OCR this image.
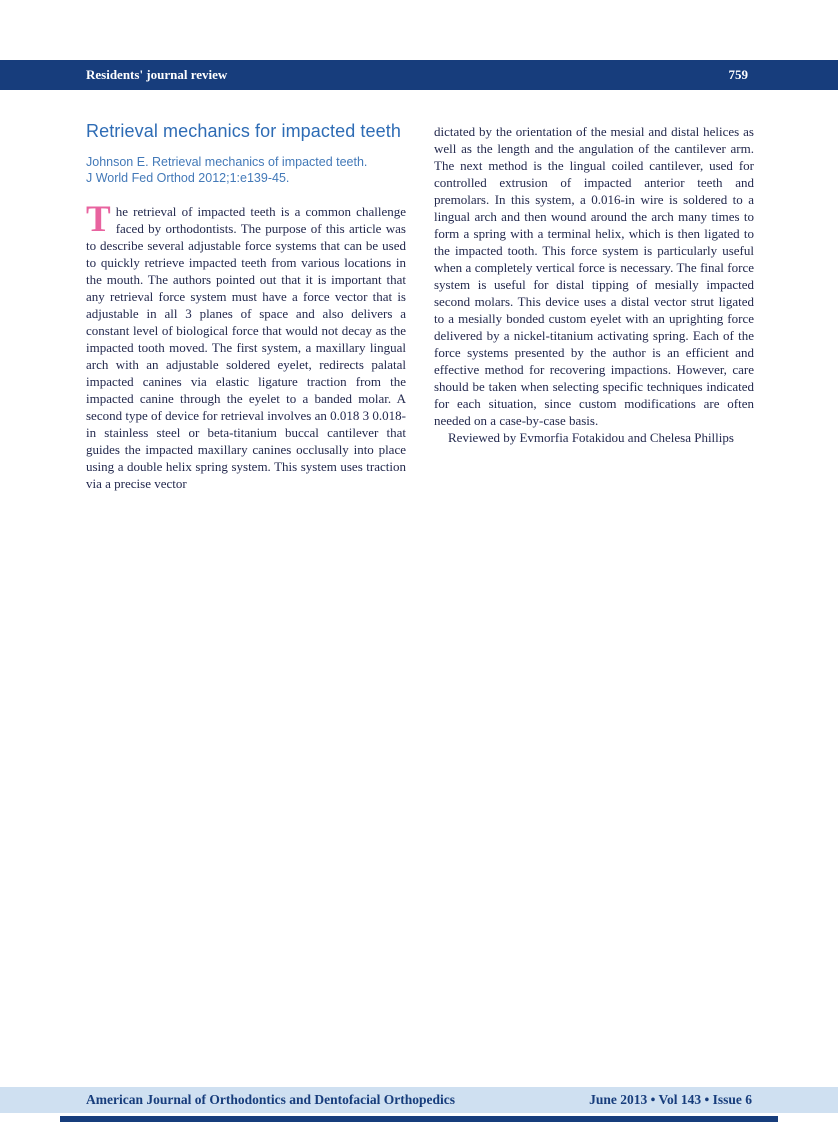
Residents' journal review	759
Retrieval mechanics for impacted teeth

Johnson E. Retrieval mechanics of impacted teeth.
J World Fed Orthod 2012;1:e139-45.

The retrieval of impacted teeth is a common challenge faced by orthodontists. The purpose of this article was to describe several adjustable force systems that can be used to quickly retrieve impacted teeth from various locations in the mouth. The authors pointed out that it is important that any retrieval force system must have a force vector that is adjustable in all 3 planes of space and also delivers a constant level of biological force that would not decay as the impacted tooth moved. The first system, a maxillary lingual arch with an adjustable soldered eyelet, redirects palatal impacted canines via elastic ligature traction from the impacted canine through the eyelet to a banded molar. A second type of device for retrieval involves an 0.018 3 0.018-in stainless steel or beta-titanium buccal cantilever that guides the impacted maxillary canines occlusally into place using a double helix spring system. This system uses traction via a precise vector

dictated by the orientation of the mesial and distal helices as well as the length and the angulation of the cantilever arm. The next method is the lingual coiled cantilever, used for controlled extrusion of impacted anterior teeth and premolars. In this system, a 0.016-in wire is soldered to a lingual arch and then wound around the arch many times to form a spring with a terminal helix, which is then ligated to the impacted tooth. This force system is particularly useful when a completely vertical force is necessary. The final force system is useful for distal tipping of mesially impacted second molars. This device uses a distal vector strut ligated to a mesially bonded custom eyelet with an uprighting force delivered by a nickel-titanium activating spring. Each of the force systems presented by the author is an efficient and effective method for recovering impactions. However, care should be taken when selecting specific techniques indicated for each situation, since custom modifications are often needed on a case-by-case basis.

Reviewed by Evmorfia Fotakidou and Chelesa Phillips

American Journal of Orthodontics and Dentofacial Orthopedics	June 2013 • Vol 143 • Issue 6
